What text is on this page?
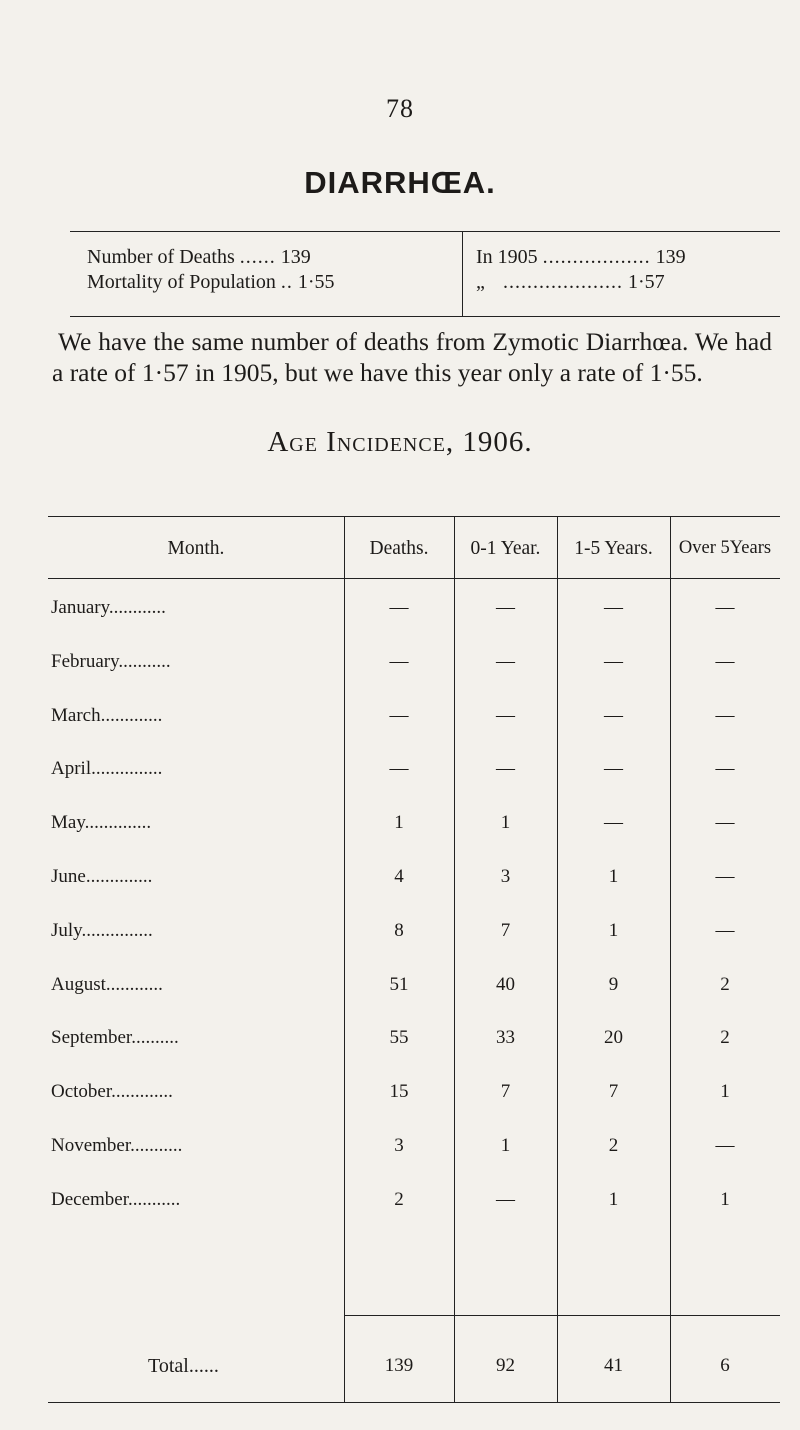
78
DIARRHŒA.
Number of Deaths ...... 139
Mortality of Population .. 1·55
In 1905 .................. 139
„ .................... 1·57
We have the same number of deaths from Zymotic Diarrhœa. We had a rate of 1·57 in 1905, but we have this year only a rate of 1·55.
Age Incidence, 1906.
Month.	Deaths.	0-1 Year.	1-5 Years.	Over 5Years
January............	—	—	—	—
February...........	—	—	—	—
March.............	—	—	—	—
April...............	—	—	—	—
May..............	1	1	—	—
June..............	4	3	1	—
July...............	8	7	1	—
August............	51	40	9	2
September..........	55	33	20	2
October.............	15	7	7	1
November...........	3	1	2	—
December...........	2	—	1	1
Total......	139	92	41	6
